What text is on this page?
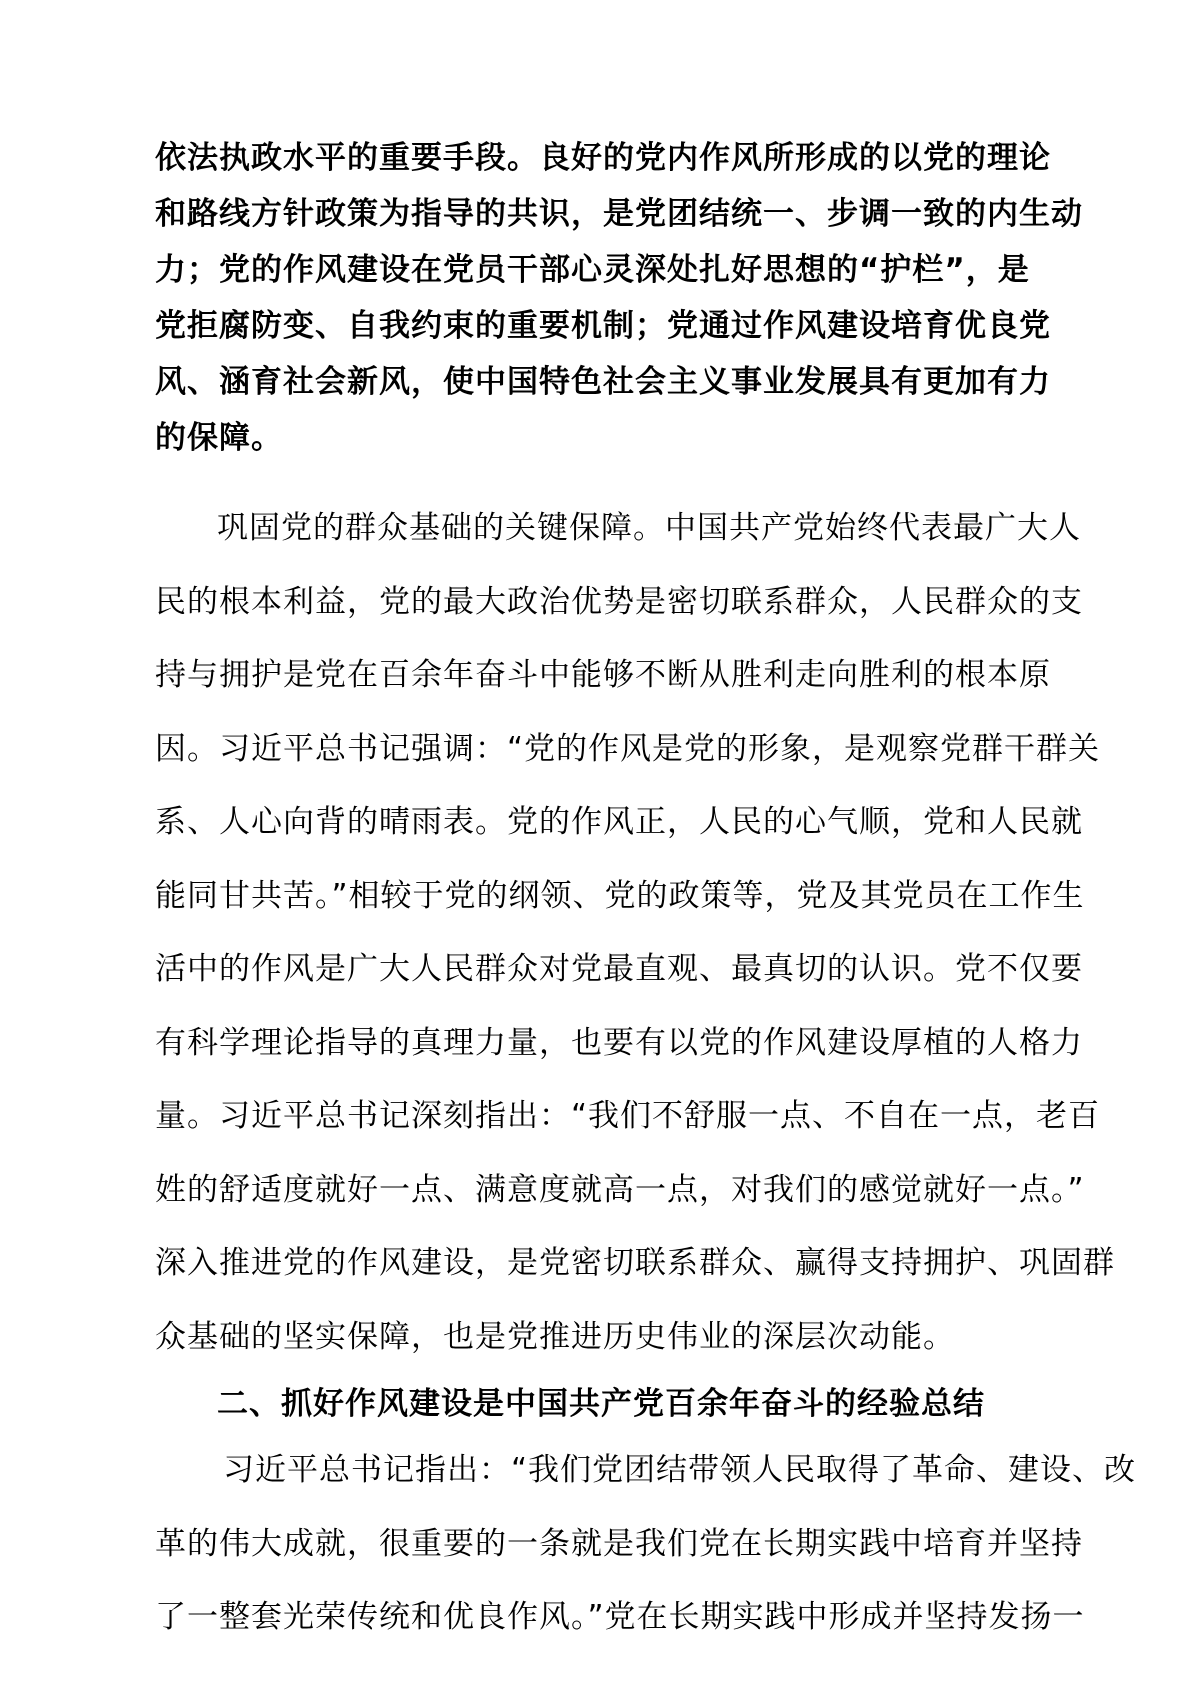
依法执政水平的重要手段。良好的党内作风所形成的以党的理论
和路线方针政策为指导的共识，是党团结统一、步调一致的内生动
力；党的作风建设在党员干部心灵深处扎好思想的“护栏”，是
党拒腐防变、自我约束的重要机制；党通过作风建设培育优良党
风、涵育社会新风，使中国特色社会主义事业发展具有更加有力
的保障。
巩固党的群众基础的关键保障。中国共产党始终代表最广大人
民的根本利益，党的最大政治优势是密切联系群众，人民群众的支
持与拥护是党在百余年奋斗中能够不断从胜利走向胜利的根本原
因。习近平总书记强调：“党的作风是党的形象，是观察党群干群关
系、人心向背的晴雨表。党的作风正，人民的心气顺，党和人民就
能同甘共苦。”相较于党的纲领、党的政策等，党及其党员在工作生
活中的作风是广大人民群众对党最直观、最真切的认识。党不仅要
有科学理论指导的真理力量，也要有以党的作风建设厚植的人格力
量。习近平总书记深刻指出：“我们不舒服一点、不自在一点，老百
姓的舒适度就好一点、满意度就高一点，对我们的感觉就好一点。”
深入推进党的作风建设，是党密切联系群众、赢得支持拥护、巩固群
众基础的坚实保障，也是党推进历史伟业的深层次动能。
二、抓好作风建设是中国共产党百余年奋斗的经验总结
习近平总书记指出：“我们党团结带领人民取得了革命、建设、改
革的伟大成就，很重要的一条就是我们党在长期实践中培育并坚持
了一整套光荣传统和优良作风。”党在长期实践中形成并坚持发扬一
